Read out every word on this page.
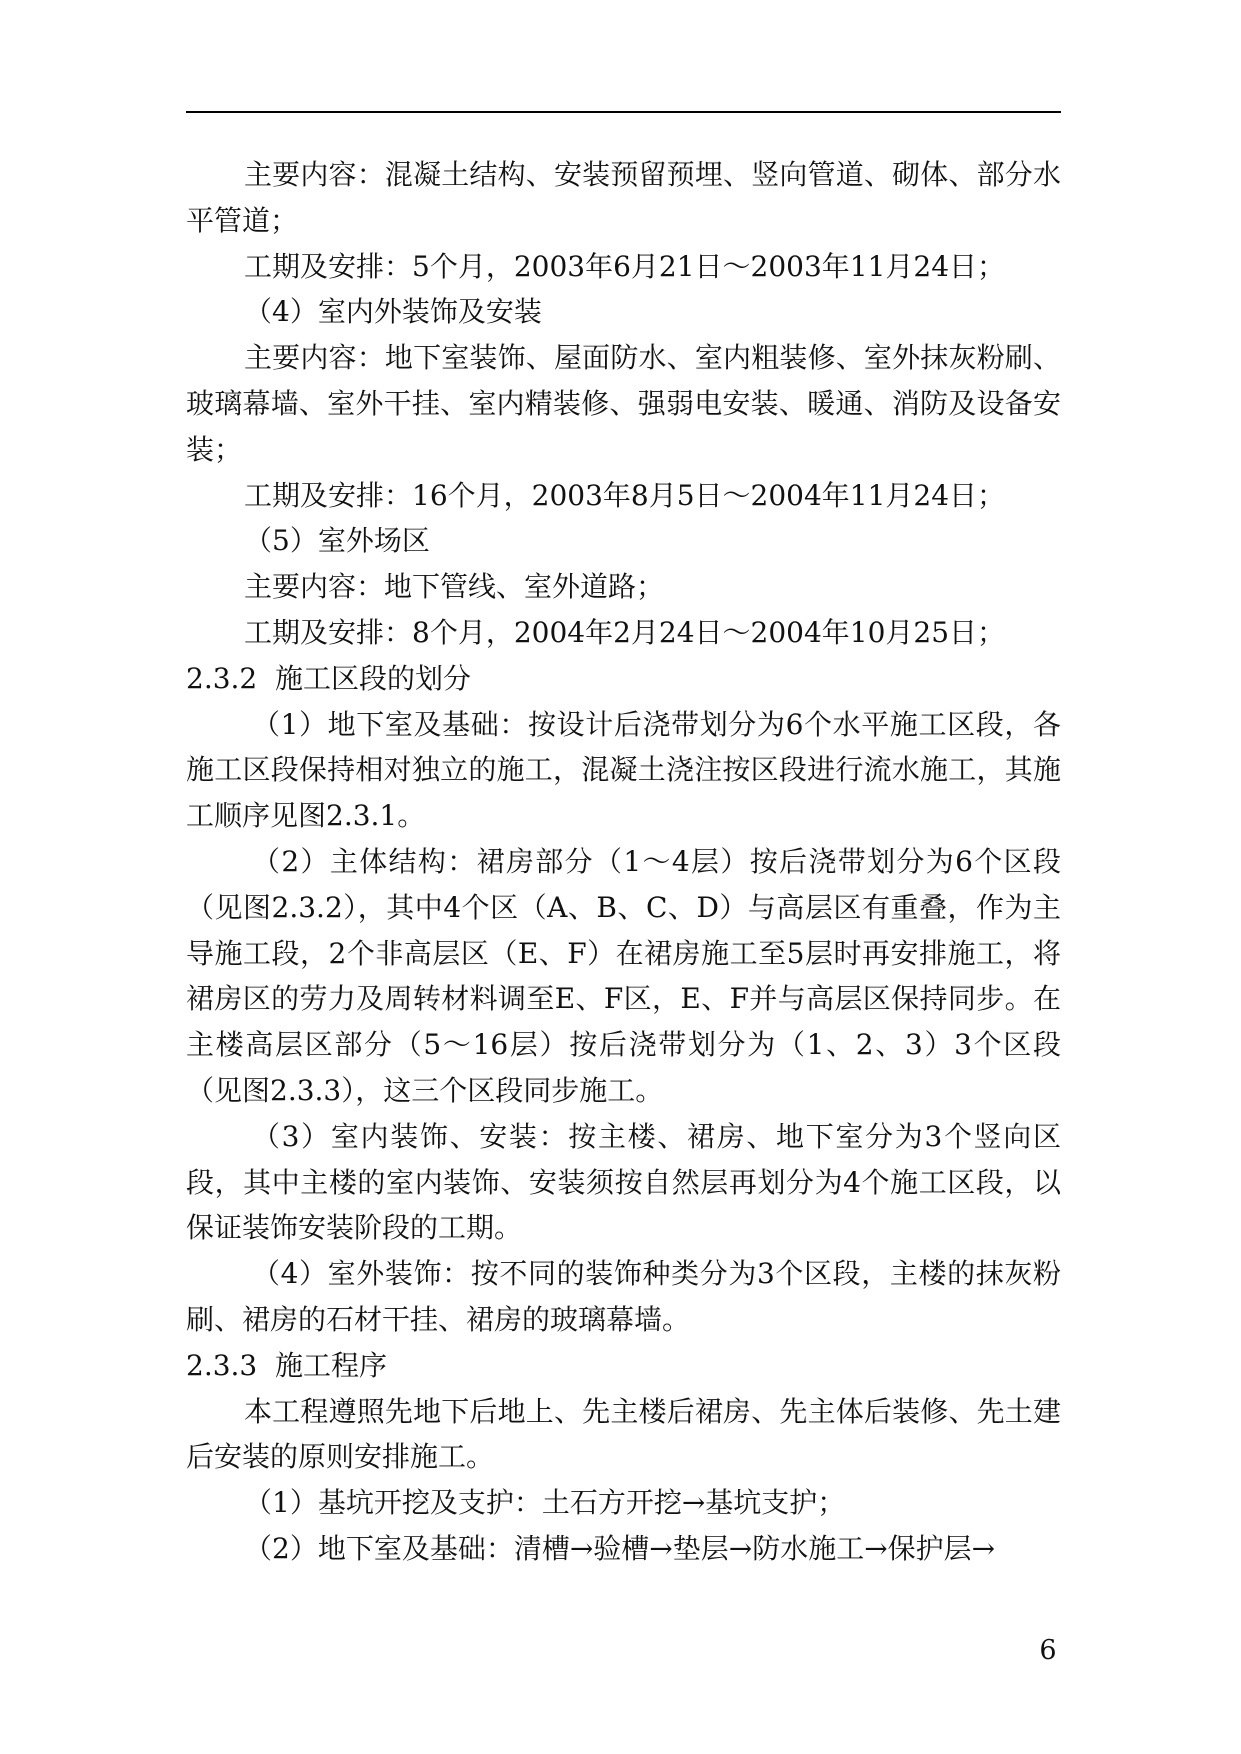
主要内容：混凝土结构、安装预留预埋、竖向管道、砌体、部分水平管道；

工期及安排：5个月，2003年6月21日～2003年11月24日；

（4）室内外装饰及安装

主要内容：地下室装饰、屋面防水、室内粗装修、室外抹灰粉刷、玻璃幕墙、室外干挂、室内精装修、强弱电安装、暖通、消防及设备安装；

工期及安排：16个月，2003年8月5日～2004年11月24日；

（5）室外场区

主要内容：地下管线、室外道路；

工期及安排：8个月，2004年2月24日～2004年10月25日；

2.3.2  施工区段的划分

（1）地下室及基础：按设计后浇带划分为6个水平施工区段，各施工区段保持相对独立的施工，混凝土浇注按区段进行流水施工，其施工顺序见图2.3.1。

（2）主体结构：裙房部分（1～4层）按后浇带划分为6个区段（见图2.3.2），其中4个区（A、B、C、D）与高层区有重叠，作为主导施工段，2个非高层区（E、F）在裙房施工至5层时再安排施工，将裙房区的劳力及周转材料调至E、F区，E、F并与高层区保持同步。在主楼高层区部分（5～16层）按后浇带划分为（1、2、3）3个区段（见图2.3.3），这三个区段同步施工。

（3）室内装饰、安装：按主楼、裙房、地下室分为3个竖向区段，其中主楼的室内装饰、安装须按自然层再划分为4个施工区段，以保证装饰安装阶段的工期。

（4）室外装饰：按不同的装饰种类分为3个区段，主楼的抹灰粉刷、裙房的石材干挂、裙房的玻璃幕墙。

2.3.3  施工程序

本工程遵照先地下后地上、先主楼后裙房、先主体后装修、先土建后安装的原则安排施工。

（1）基坑开挖及支护：土石方开挖→基坑支护；

（2）地下室及基础：清槽→验槽→垫层→防水施工→保护层→

6
